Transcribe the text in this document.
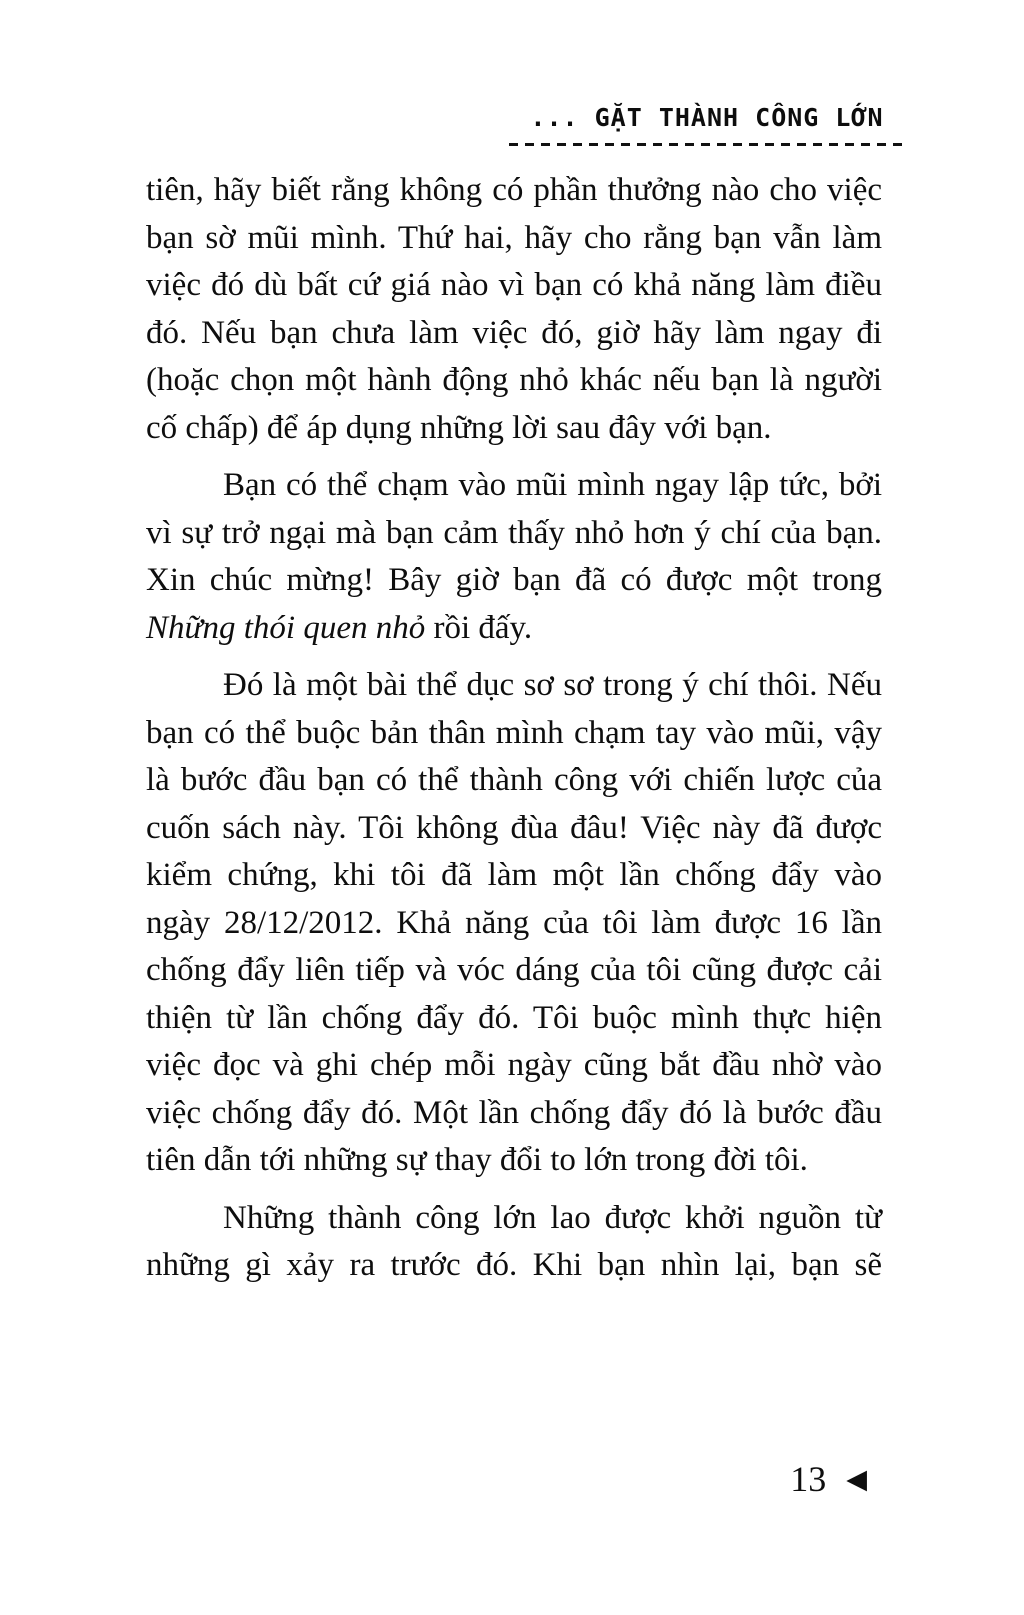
... GẶT THÀNH CÔNG LỚN

tiên, hãy biết rằng không có phần thưởng nào cho việc bạn sờ mũi mình. Thứ hai, hãy cho rằng bạn vẫn làm việc đó dù bất cứ giá nào vì bạn có khả năng làm điều đó. Nếu bạn chưa làm việc đó, giờ hãy làm ngay đi (hoặc chọn một hành động nhỏ khác nếu bạn là người cố chấp) để áp dụng những lời sau đây với bạn.

Bạn có thể chạm vào mũi mình ngay lập tức, bởi vì sự trở ngại mà bạn cảm thấy nhỏ hơn ý chí của bạn. Xin chúc mừng! Bây giờ bạn đã có được một trong Những thói quen nhỏ rồi đấy.

Đó là một bài thể dục sơ sơ trong ý chí thôi. Nếu bạn có thể buộc bản thân mình chạm tay vào mũi, vậy là bước đầu bạn có thể thành công với chiến lược của cuốn sách này. Tôi không đùa đâu! Việc này đã được kiểm chứng, khi tôi đã làm một lần chống đẩy vào ngày 28/12/2012. Khả năng của tôi làm được 16 lần chống đẩy liên tiếp và vóc dáng của tôi cũng được cải thiện từ lần chống đẩy đó. Tôi buộc mình thực hiện việc đọc và ghi chép mỗi ngày cũng bắt đầu nhờ vào việc chống đẩy đó. Một lần chống đẩy đó là bước đầu tiên dẫn tới những sự thay đổi to lớn trong đời tôi.

Những thành công lớn lao được khởi nguồn từ những gì xảy ra trước đó. Khi bạn nhìn lại, bạn sẽ

13 ◀
